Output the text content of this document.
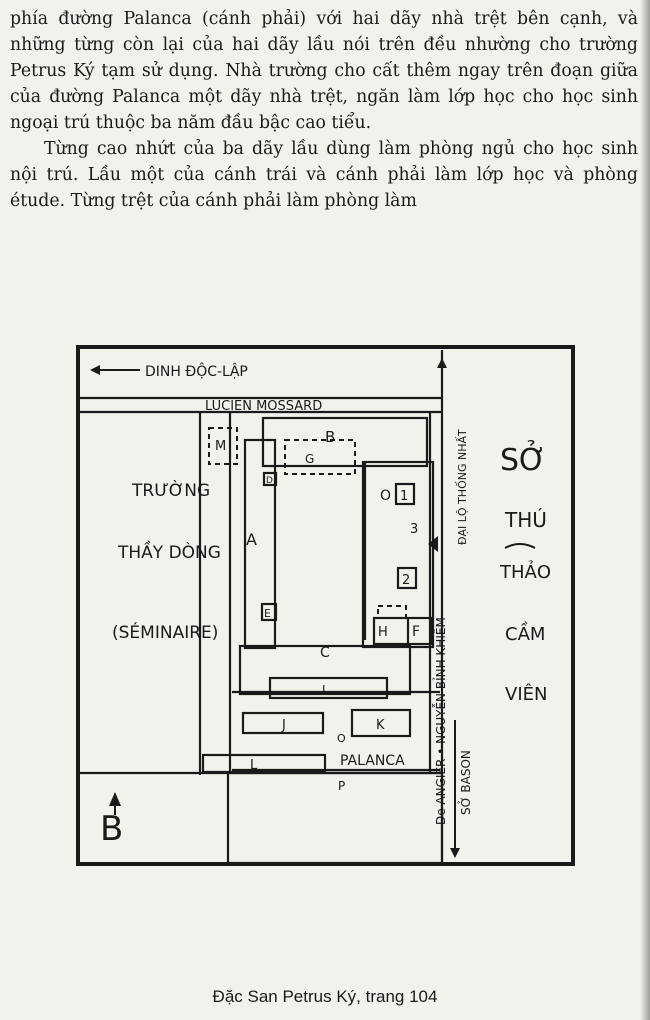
phía đường Palanca (cánh phải) với hai dãy nhà trệt bên cạnh, và những từng còn lại của hai dãy lầu nói trên đều nhường cho trường Petrus Ký tạm sử dụng. Nhà trường cho cất thêm ngay trên đoạn giữa của đường Palanca một dãy nhà trệt, ngăn làm lớp học cho học sinh ngoại trú thuộc ba năm đầu bậc cao tiểu.

Từng cao nhứt của ba dãy lầu dùng làm phòng ngủ cho học sinh nội trú. Lầu một của cánh trái và cánh phải làm lớp học và phòng étude. Từng trệt của cánh phải làm phòng làm

DINH ĐỘC-LẬP
LUCIEN MOSSARD
TRƯỜNG
THẦY DÒNG
(SÉMINAIRE)
SỞ
THÚ
THẢO
CẦM
VIÊN
PALANCA
B
ĐẠI LỘ THỐNG NHẤT
De ANGIER • NGUYỄN BỈNH KHIÊM SỞ BASON
A
B
G
M
D
E
O 1
2
3
H F
C
I
J	K
L
O
P
Đặc San Petrus Ký, trang 104
